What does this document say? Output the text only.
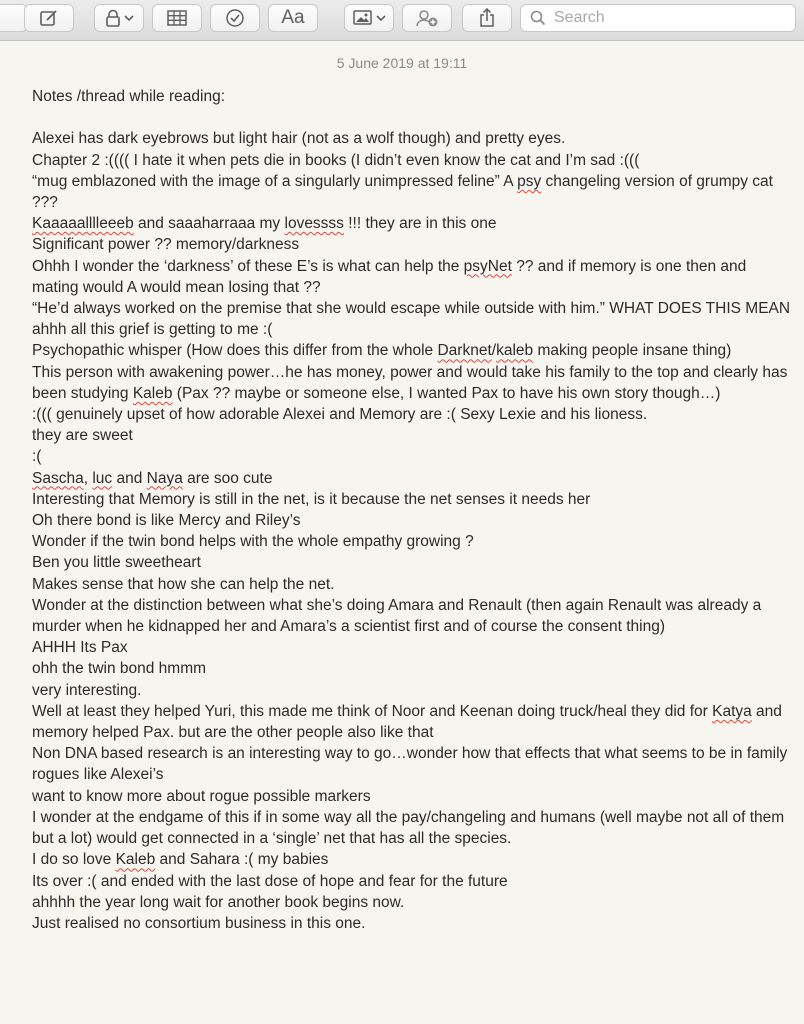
Aa
Search
5 June 2019 at 19:11
Notes /thread while reading:
Alexei has dark eyebrows but light hair (not as a wolf though) and pretty eyes.
Chapter 2 :(((( I hate it when pets die in books (I didn’t even know the cat and I’m sad :(((
“mug emblazoned with the image of a singularly unimpressed feline” A psy changeling version of grumpy cat ???
Kaaaaalllleeeb and saaaharraaa my lovessss !!! they are in this one
Significant power ?? memory/darkness
Ohhh I wonder the ‘darkness’ of these E’s is what can help the psyNet ?? and if memory is one then and mating would A would mean losing that ??
“He’d always worked on the premise that she would escape while outside with him.” WHAT DOES THIS MEAN
ahhh all this grief is getting to me :(
Psychopathic whisper (How does this differ from the whole Darknet/kaleb making people insane thing)
This person with awakening power…he has money, power and would take his family to the top and clearly has been studying Kaleb (Pax ?? maybe or someone else, I wanted Pax to have his own story though…)
:((( genuinely upset of how adorable Alexei and Memory are :( Sexy Lexie and his lioness.
they are sweet
:(
Sascha, luc and Naya are soo cute
Interesting that Memory is still in the net, is it because the net senses it needs her
Oh there bond is like Mercy and Riley’s
Wonder if the twin bond helps with the whole empathy growing ?
Ben you little sweetheart
Makes sense that how she can help the net.
Wonder at the distinction between what she’s doing Amara and Renault (then again Renault was already a murder when he kidnapped her and Amara’s a scientist first and of course the consent thing)
AHHH Its Pax
ohh the twin bond hmmm
very interesting.
Well at least they helped Yuri, this made me think of Noor and Keenan doing truck/heal they did for Katya and memory helped Pax. but are the other people also like that
Non DNA based research is an interesting way to go…wonder how that effects that what seems to be in family rogues like Alexei’s
want to know more about rogue possible markers
I wonder at the endgame of this if in some way all the pay/changeling and humans (well maybe not all of them but a lot) would get connected in a ‘single’ net that has all the species.
I do so love Kaleb and Sahara :( my babies
Its over :( and ended with the last dose of hope and fear for the future
ahhhh the year long wait for another book begins now.
Just realised no consortium business in this one.
